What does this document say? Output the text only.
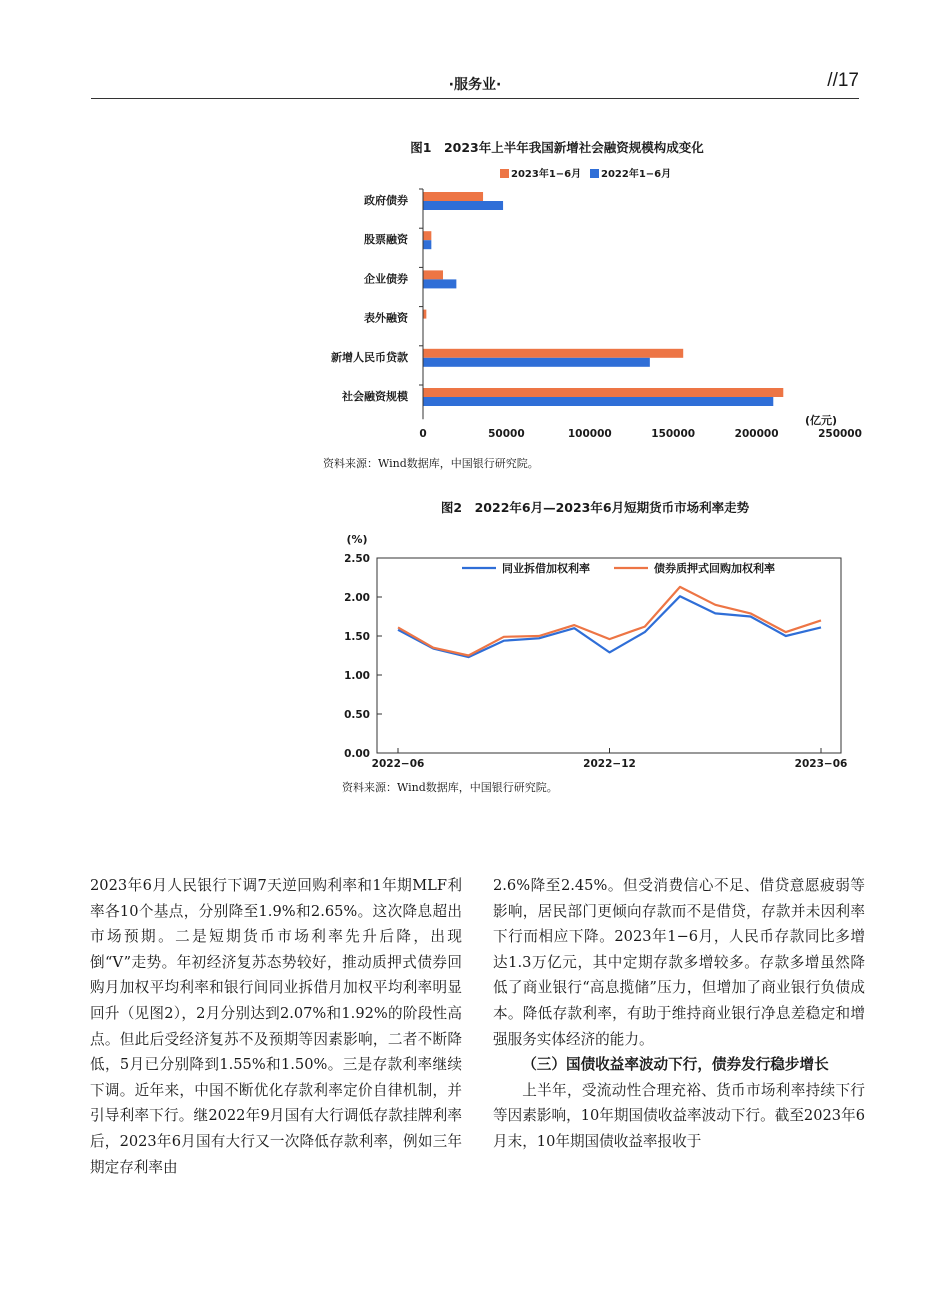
·服务业·	//17
图1　2023年上半年我国新增社会融资规模构成变化
2023年1−6月 2022年1−6月
政府债券
股票融资
企业债券
表外融资
新增人民币贷款
社会融资规模
0	50000	100000	150000	200000	250000
(亿元)
资料来源：Wind数据库，中国银行研究院。
图2　2022年6月—2023年6月短期货币市场利率走势
(%)
0.00
0.50
1.00
1.50
2.00
2.50
2022−06	2022−12	2023−06
同业拆借加权利率	债券质押式回购加权利率
资料来源：Wind数据库，中国银行研究院。

2023年6月人民银行下调7天逆回购利率和1年期MLF利率各10个基点，分别降至1.9%和2.65%。这次降息超出市场预期。二是短期货币市场利率先升后降，出现倒“V”走势。年初经济复苏态势较好，推动质押式债券回购月加权平均利率和银行间同业拆借月加权平均利率明显回升（见图2），2月分别达到2.07%和1.92%的阶段性高点。但此后受经济复苏不及预期等因素影响，二者不断降低，5月已分别降到1.55%和1.50%。三是存款利率继续下调。近年来，中国不断优化存款利率定价自律机制，并引导利率下行。继2022年9月国有大行调低存款挂牌利率后，2023年6月国有大行又一次降低存款利率，例如三年期定存利率由

2.6%降至2.45%。但受消费信心不足、借贷意愿疲弱等影响，居民部门更倾向存款而不是借贷，存款并未因利率下行而相应下降。2023年1−6月，人民币存款同比多增达1.3万亿元，其中定期存款多增较多。存款多增虽然降低了商业银行“高息揽储”压力，但增加了商业银行负债成本。降低存款利率，有助于维持商业银行净息差稳定和增强服务实体经济的能力。

（三）国债收益率波动下行，债券发行稳步增长

上半年，受流动性合理充裕、货币市场利率持续下行等因素影响，10年期国债收益率波动下行。截至2023年6月末，10年期国债收益率报收于
